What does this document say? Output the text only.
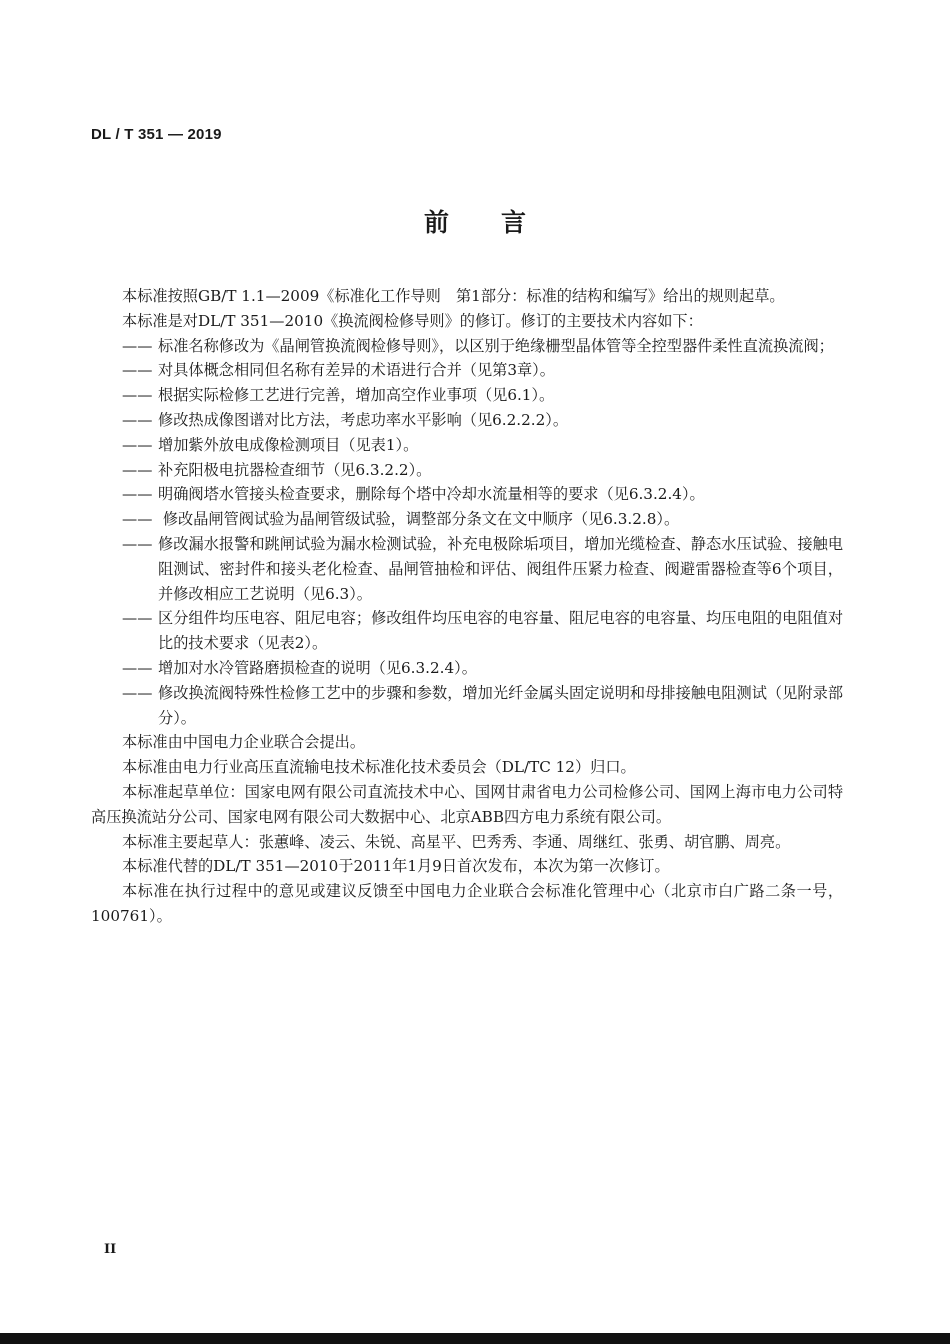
DL / T 351 — 2019
前言

本标准按照GB/T 1.1—2009《标准化工作导则　第1部分：标准的结构和编写》给出的规则起草。

本标准是对DL/T 351—2010《换流阀检修导则》的修订。修订的主要技术内容如下：

—— 标准名称修改为《晶闸管换流阀检修导则》，以区别于绝缘栅型晶体管等全控型器件柔性直流换流阀；

—— 对具体概念相同但名称有差异的术语进行合并（见第3章）。

—— 根据实际检修工艺进行完善，增加高空作业事项（见6.1）。

—— 修改热成像图谱对比方法，考虑功率水平影响（见6.2.2.2）。

—— 增加紫外放电成像检测项目（见表1）。

—— 补充阳极电抗器检查细节（见6.3.2.2）。

—— 明确阀塔水管接头检查要求，删除每个塔中冷却水流量相等的要求（见6.3.2.4）。

—— 修改晶闸管阀试验为晶闸管级试验，调整部分条文在文中顺序（见6.3.2.8）。

—— 修改漏水报警和跳闸试验为漏水检测试验，补充电极除垢项目，增加光缆检查、静态水压试验、接触电阻测试、密封件和接头老化检查、晶闸管抽检和评估、阀组件压紧力检查、阀避雷器检查等6个项目，并修改相应工艺说明（见6.3）。

—— 区分组件均压电容、阻尼电容；修改组件均压电容的电容量、阻尼电容的电容量、均压电阻的电阻值对比的技术要求（见表2）。

—— 增加对水冷管路磨损检查的说明（见6.3.2.4）。

—— 修改换流阀特殊性检修工艺中的步骤和参数，增加光纤金属头固定说明和母排接触电阻测试（见附录部分）。

本标准由中国电力企业联合会提出。

本标准由电力行业高压直流输电技术标准化技术委员会（DL/TC 12）归口。

本标准起草单位：国家电网有限公司直流技术中心、国网甘肃省电力公司检修公司、国网上海市电力公司特高压换流站分公司、国家电网有限公司大数据中心、北京ABB四方电力系统有限公司。

本标准主要起草人：张蕙峰、凌云、朱锐、高星平、巴秀秀、李通、周继红、张勇、胡官鹏、周亮。

本标准代替的DL/T 351—2010于2011年1月9日首次发布，本次为第一次修订。

本标准在执行过程中的意见或建议反馈至中国电力企业联合会标准化管理中心（北京市白广路二条一号，100761）。

II
